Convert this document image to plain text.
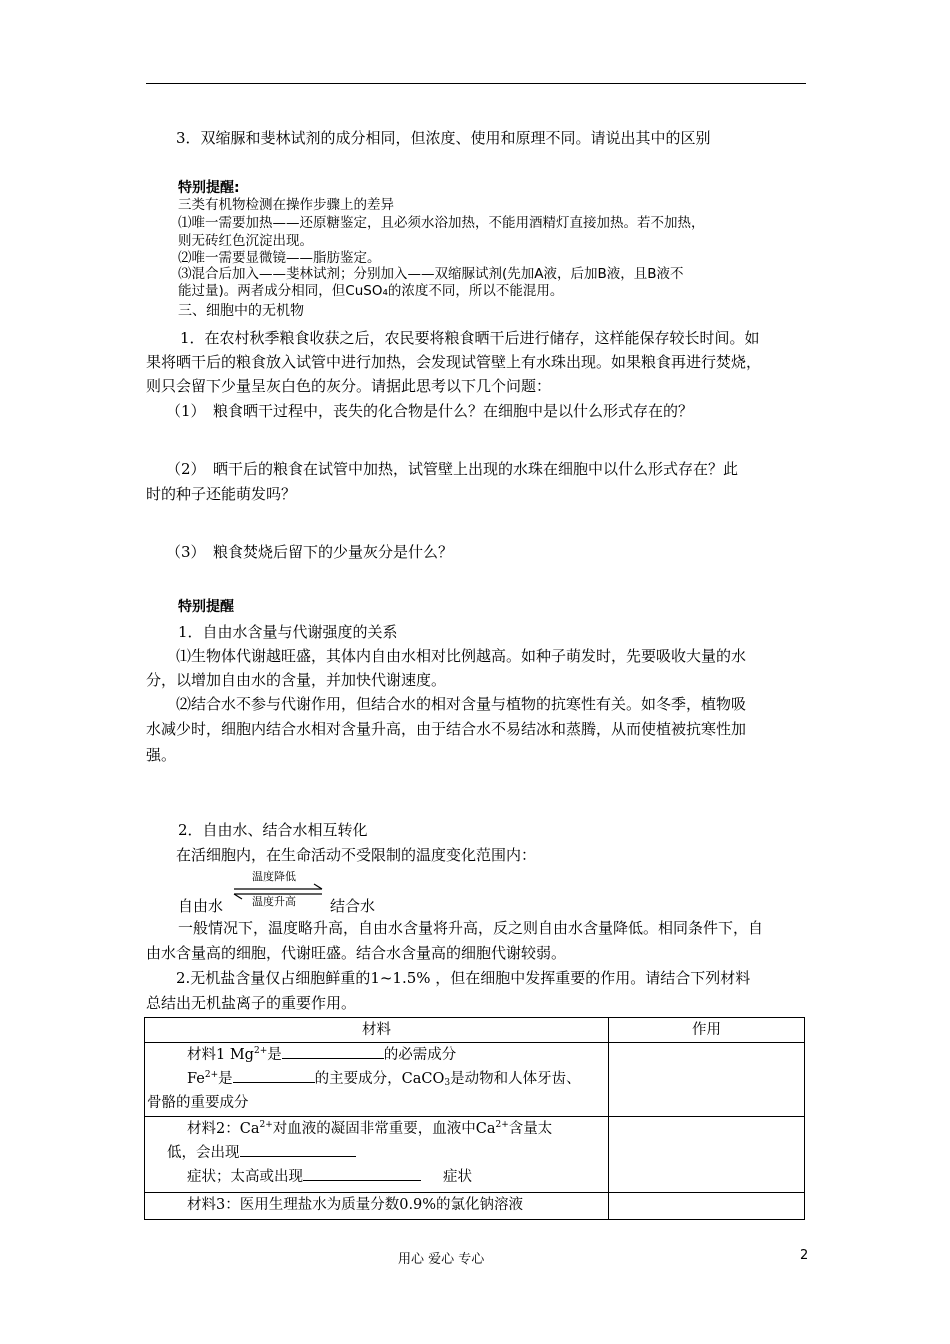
3．双缩脲和斐林试剂的成分相同，但浓度、使用和原理不同。请说出其中的区别
特别提醒:
三类有机物检测在操作步骤上的差异
⑴唯一需要加热——还原糖鉴定，且必须水浴加热，不能用酒精灯直接加热。若不加热，
则无砖红色沉淀出现。
⑵唯一需要显微镜——脂肪鉴定。
⑶混合后加入——斐林试剂；分别加入——双缩脲试剂(先加A液，后加B液，且B液不
能过量)。两者成分相同，但CuSO₄的浓度不同，所以不能混用。
三、细胞中的无机物
1．在农村秋季粮食收获之后，农民要将粮食晒干后进行储存，这样能保存较长时间。如
果将晒干后的粮食放入试管中进行加热，会发现试管壁上有水珠出现。如果粮食再进行焚烧，
则只会留下少量呈灰白色的灰分。请据此思考以下几个问题：
（1）　粮食晒干过程中，丧失的化合物是什么？在细胞中是以什么形式存在的？
（2）　晒干后的粮食在试管中加热，试管壁上出现的水珠在细胞中以什么形式存在？此
时的种子还能萌发吗？
（3）　粮食焚烧后留下的少量灰分是什么？
特别提醒
1．自由水含量与代谢强度的关系
⑴生物体代谢越旺盛，其体内自由水相对比例越高。如种子萌发时，先要吸收大量的水
分，以增加自由水的含量，并加快代谢速度。
⑵结合水不参与代谢作用，但结合水的相对含量与植物的抗寒性有关。如冬季，植物吸
水减少时，细胞内结合水相对含量升高，由于结合水不易结冰和蒸腾，从而使植被抗寒性加
强。
2．自由水、结合水相互转化
在活细胞内，在生命活动不受限制的温度变化范围内：
自由水
温度降低
温度升高 结合水
一般情况下，温度略升高，自由水含量将升高，反之则自由水含量降低。相同条件下，自
由水含量高的细胞，代谢旺盛。结合水含量高的细胞代谢较弱。
2.无机盐含量仅占细胞鲜重的1~1.5% ，但在细胞中发挥重要的作用。请结合下列材料
总结出无机盐离子的重要作用。
材料	作用

材料1 $Mg^{2+}$是 的必需成分
$Fe^{2+}$是 的主要成分，CaCO$_3$是动物和人体牙齿、
骨骼的重要成分	

材料2：$Ca^{2+}$对血液的凝固非常重要，血液中$Ca^{2+}$含量太
低，会出现
症状；太高或出现 症状	

材料3：医用生理盐水为质量分数0.9%的氯化钠溶液	

用心 爱心 专心	2
